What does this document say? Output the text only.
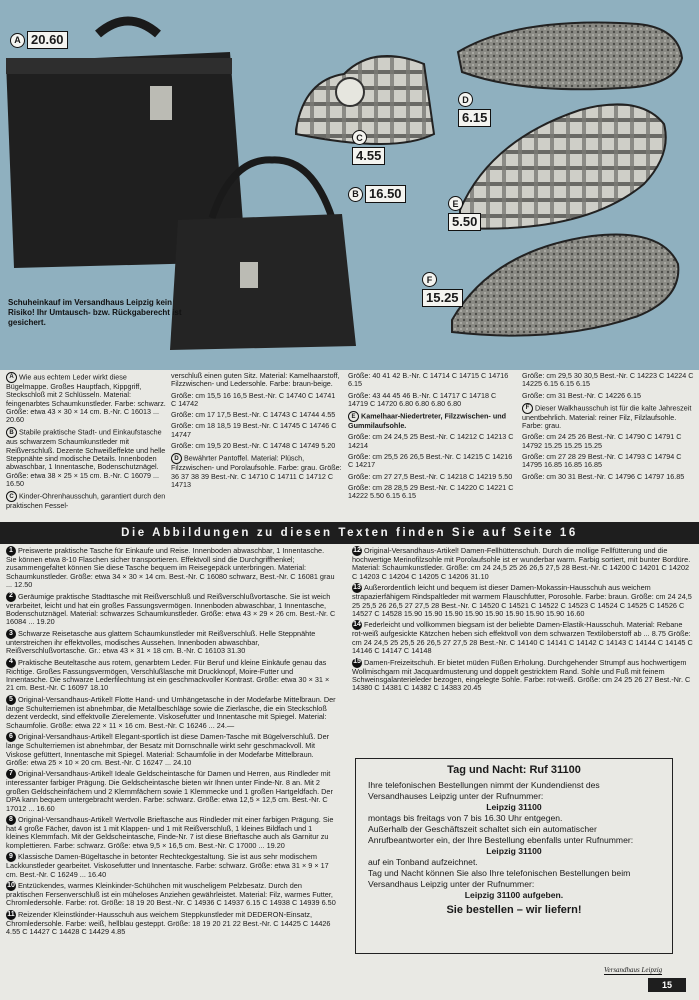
A 20.60
B 16.50
C
4.55
D
6.15
E
5.50
F
15.25
Schuheinkauf im Versandhaus Leipzig kein Risiko! Ihr Umtausch- bzw. Rückgaberecht ist gesichert.
A Wie aus echtem Leder wirkt diese Bügelmappe. Großes Hauptfach, Kippgriff, Steckschloß mit 2 Schlüsseln. Material: feingenarbtes Schaumkunstleder. Farbe: schwarz. Größe: etwa 43 × 30 × 14 cm. B.-Nr. C 16013 ... 20.60
B Stabile praktische Stadt- und Einkaufstasche aus schwarzem Schaumkunstleder mit Reißverschluß. Dezente Schweißeffekte und helle Steppnähte sind modische Details. Innenboden abwaschbar, 1 Innentasche, Bodenschutznägel. Größe: etwa 38 × 25 × 15 cm. B.-Nr. C 16079 ... 16.50
C Kinder-Ohrenhausschuh, garantiert durch den praktischen Fessel-
verschluß einen guten Sitz. Material: Kamelhaarstoff, Filzzwischen- und Ledersohle. Farbe: braun-beige.
Größe: cm 15,5 16 16,5 Best.-Nr. C 14740 C 14741 C 14742
Größe: cm 17 17,5 Best.-Nr. C 14743 C 14744 4.55
Größe: cm 18 18,5 19 Best.-Nr. C 14745 C 14746 C 14747
Größe: cm 19,5 20 Best.-Nr. C 14748 C 14749 5.20
D Bewährter Pantoffel. Material: Plüsch, Filzzwischen- und Porolaufsohle. Farbe: grau. Größe: 36 37 38 39 Best.-Nr. C 14710 C 14711 C 14712 C 14713
Größe: 40 41 42 B.-Nr. C 14714 C 14715 C 14716 6.15
Größe: 43 44 45 46 B.-Nr. C 14717 C 14718 C 14719 C 14720 6.80 6.80 6.80 6.80
E Kamelhaar-Niedertreter, Filzzwischen- und Gummilaufsohle.
Größe: cm 24 24,5 25 Best.-Nr. C 14212 C 14213 C 14214
Größe: cm 25,5 26 26,5 Best.-Nr. C 14215 C 14216 C 14217
Größe: cm 27 27,5 Best.-Nr. C 14218 C 14219 5.50
Größe: cm 28 28,5 29 Best.-Nr. C 14220 C 14221 C 14222 5.50 6.15 6.15
Größe: cm 29,5 30 30,5 Best.-Nr. C 14223 C 14224 C 14225 6.15 6.15 6.15
Größe: cm 31 Best.-Nr. C 14226 6.15
F Dieser Walkhausschuh ist für die kalte Jahreszeit unentbehrlich. Material: reiner Filz, Filzlaufsohle. Farbe: grau.
Größe: cm 24 25 26 Best.-Nr. C 14790 C 14791 C 14792 15.25 15.25 15.25
Größe: cm 27 28 29 Best.-Nr. C 14793 C 14794 C 14795 16.85 16.85 16.85
Größe: cm 30 31 Best.-Nr. C 14796 C 14797 16.85
Die Abbildungen zu diesen Texten finden Sie auf Seite 16
1 Preiswerte praktische Tasche für Einkaufe und Reise. Innenboden abwaschbar, 1 Innentasche. Sie können etwa 8-10 Flaschen sicher transportieren. Effektvoll sind die Durchgriffhenkel; zusammengefaltet können Sie diese Tasche bequem im Reisegepäck unterbringen. Material: Schaumkunstleder. Größe: etwa 34 × 30 × 14 cm. Best.-Nr. C 16080 schwarz, Best.-Nr. C 16081 grau ... 12.50
2 Geräumige praktische Stadttasche mit Reißverschluß und Reißverschlußvortasche. Sie ist weich verarbeitet, leicht und hat ein großes Fassungsvermögen. Innenboden abwaschbar, 1 Innentasche, Bodenschutznägel. Material: schwarzes Schaumkunstleder. Größe: etwa 43 × 29 × 26 cm. Best.-Nr. C 16084 ... 19.20
3 Schwarze Reisetasche aus glattem Schaumkunstleder mit Reißverschluß. Helle Steppnähte unterstreichen ihr effektvolles, modisches Aussehen. Innenboden abwaschbar, Reißverschlußvortasche. Gr.: etwa 43 × 31 × 18 cm. B.-Nr. C 16103 31.30
4 Praktische Beuteltasche aus rotem, genarbtem Leder. Für Beruf und kleine Einkäufe genau das Richtige. Großes Fassungsvermögen, Verschlußlasche mit Druckknopf, Moire-Futter und Innentasche. Die schwarze Lederfilechtung ist ein geschmackvoller Kontrast. Größe: etwa 30 × 31 × 21 cm. Best.-Nr. C 16097 18.10
5 Original-Versandhaus-Artikel! Flotte Hand- und Umhängetasche in der Modefarbe Mittelbraun. Der lange Schulterriemen ist abnehmbar, die Metallbeschläge sowie die Zierlasche, die ein Steckschloß dezent verdeckt, sind effektvolle Zierelemente. Viskosefutter und Innentasche mit Spiegel. Material: Schaumfolie. Größe: etwa 22 × 11 × 16 cm. Best.-Nr. C 16246 ... 24.—
6 Original-Versandhaus-Artikel! Elegant-sportlich ist diese Damen-Tasche mit Bügelverschluß. Der lange Schulterriemen ist abnehmbar, der Besatz mit Dornschnalle wirkt sehr geschmackvoll. Mit Viskose gefüttert, Innentasche mit Spiegel. Material: Schaumfolie in der Modefarbe Mittelbraun. Größe: etwa 25 × 10 × 20 cm. Best.-Nr. C 16247 ... 24.10
7 Original-Versandhaus-Artikel! Ideale Geldscheintasche für Damen und Herren, aus Rindleder mit interessanter farbiger Prägung. Die Geldscheintasche bieten wir Ihnen unter Finde-Nr. 8 an. Mit 2 großen Geldscheinfächern und 2 Klemmfächern sowie 1 Klemmecke und 1 großen Hartgeldfach. Der DPA kann bequem untergebracht werden. Farbe: schwarz. Größe: etwa 12,5 × 12,5 cm. Best.-Nr. C 17012 ... 16.60
8 Original-Versandhaus-Artikel! Wertvolle Brieftasche aus Rindleder mit einer farbigen Prägung. Sie hat 4 große Fächer, davon ist 1 mit Klappen- und 1 mit Reißverschluß, 1 kleines Bildfach und 1 kleines Klemmfach. Mit der Geldscheintasche, Finde-Nr. 7 ist diese Brieftasche auch als Garnitur zu komplettieren. Farbe: schwarz. Größe: etwa 9,5 × 16,5 cm. Best.-Nr. C 17000 ... 19.20
9 Klassische Damen-Bügeltasche in betonter Rechteckgestaltung. Sie ist aus sehr modischem Lackkunstleder gearbeitet. Viskosefutter und Innentasche. Farbe: schwarz. Größe: etwa 31 × 9 × 17 cm. Best.-Nr. C 16249 ... 16.40
10 Entzückendes, warmes Kleinkinder-Schühchen mit wuscheligem Pelzbesatz. Durch den praktischen Fersenverschluß ist ein müheloses Anziehen gewährleistet. Material: Filz, warmes Futter, Chromledersohle. Farbe: rot. Größe: 18 19 20 Best.-Nr. C 14936 C 14937 6.15 C 14938 C 14939 6.50
11 Reizender Kleinstkinder-Hausschuh aus weichem Steppkunstleder mit DEDERON-Einsatz, Chromledersohle. Farbe: weiß, hellblau gesteppt. Größe: 18 19 20 21 22 Best.-Nr. C 14425 C 14426 4.55 C 14427 C 14428 C 14429 4.85
12 Original-Versandhaus-Artikel! Damen-Fellhüttenschuh. Durch die mollige Fellfütterung und die hochwertige Merinofilzsohle mit Porolaufsohle ist er wunderbar warm. Farbig sortiert, mit bunter Bordüre. Material: Schaumkunstleder. Größe: cm 24 24,5 25 26 26,5 27,5 28 Best.-Nr. C 14200 C 14201 C 14202 C 14203 C 14204 C 14205 C 14206 31.10
13 Außerordentlich leicht und bequem ist dieser Damen-Mokassin-Hausschuh aus weichem strapazierfähigem Rindspaltleder mit warmem Flauschfutter, Porosohle. Farbe: braun. Größe: cm 24 24,5 25 25,5 26 26,5 27 27,5 28 Best.-Nr. C 14520 C 14521 C 14522 C 14523 C 14524 C 14525 C 14526 C 14527 C 14528 15.90 15.90 15.90 15.90 15.90 15.90 15.90 15.90 16.60
14 Federleicht und vollkommen biegsam ist der beliebte Damen-Elastik-Hausschuh. Material: Rebane rot-weiß aufgesickte Kätzchen heben sich effektvoll von dem schwarzen Textiloberstoff ab ... 8.75 Größe: cm 24 24,5 25 25,5 26 26,5 27 27,5 28 Best.-Nr. C 14140 C 14141 C 14142 C 14143 C 14144 C 14145 C 14146 C 14147 C 14148
15 Damen-Freizeitschuh. Er bietet müden Füßen Erholung. Durchgehender Strumpf aus hochwertigem Wollmischgarn mit Jacquardmusterung und doppelt gestricktem Rand. Sohle und Fuß mit feinem Schweinsgalanterieleder bezogen, eingelegte Sohle. Farbe: rot-weiß. Größe: cm 24 25 26 27 Best.-Nr. C 14380 C 14381 C 14382 C 14383 20.45
Tag und Nacht: Ruf 31100
Ihre telefonischen Bestellungen nimmt der Kundendienst des Versandhauses Leipzig unter der Rufnummer:
Leipzig 31100
montags bis freitags von 7 bis 16.30 Uhr entgegen.
Außerhalb der Geschäftszeit schaltet sich ein automatischer Anrufbeantworter ein, der Ihre Bestellung ebenfalls unter Rufnummer:
Leipzig 31100
auf ein Tonband aufzeichnet.
Tag und Nacht können Sie also Ihre telefonischen Bestellungen beim Versandhaus Leipzig unter der Rufnummer:
Leipzig 31100 aufgeben.
Sie bestellen – wir liefern!
Versandhaus Leipzig
15
